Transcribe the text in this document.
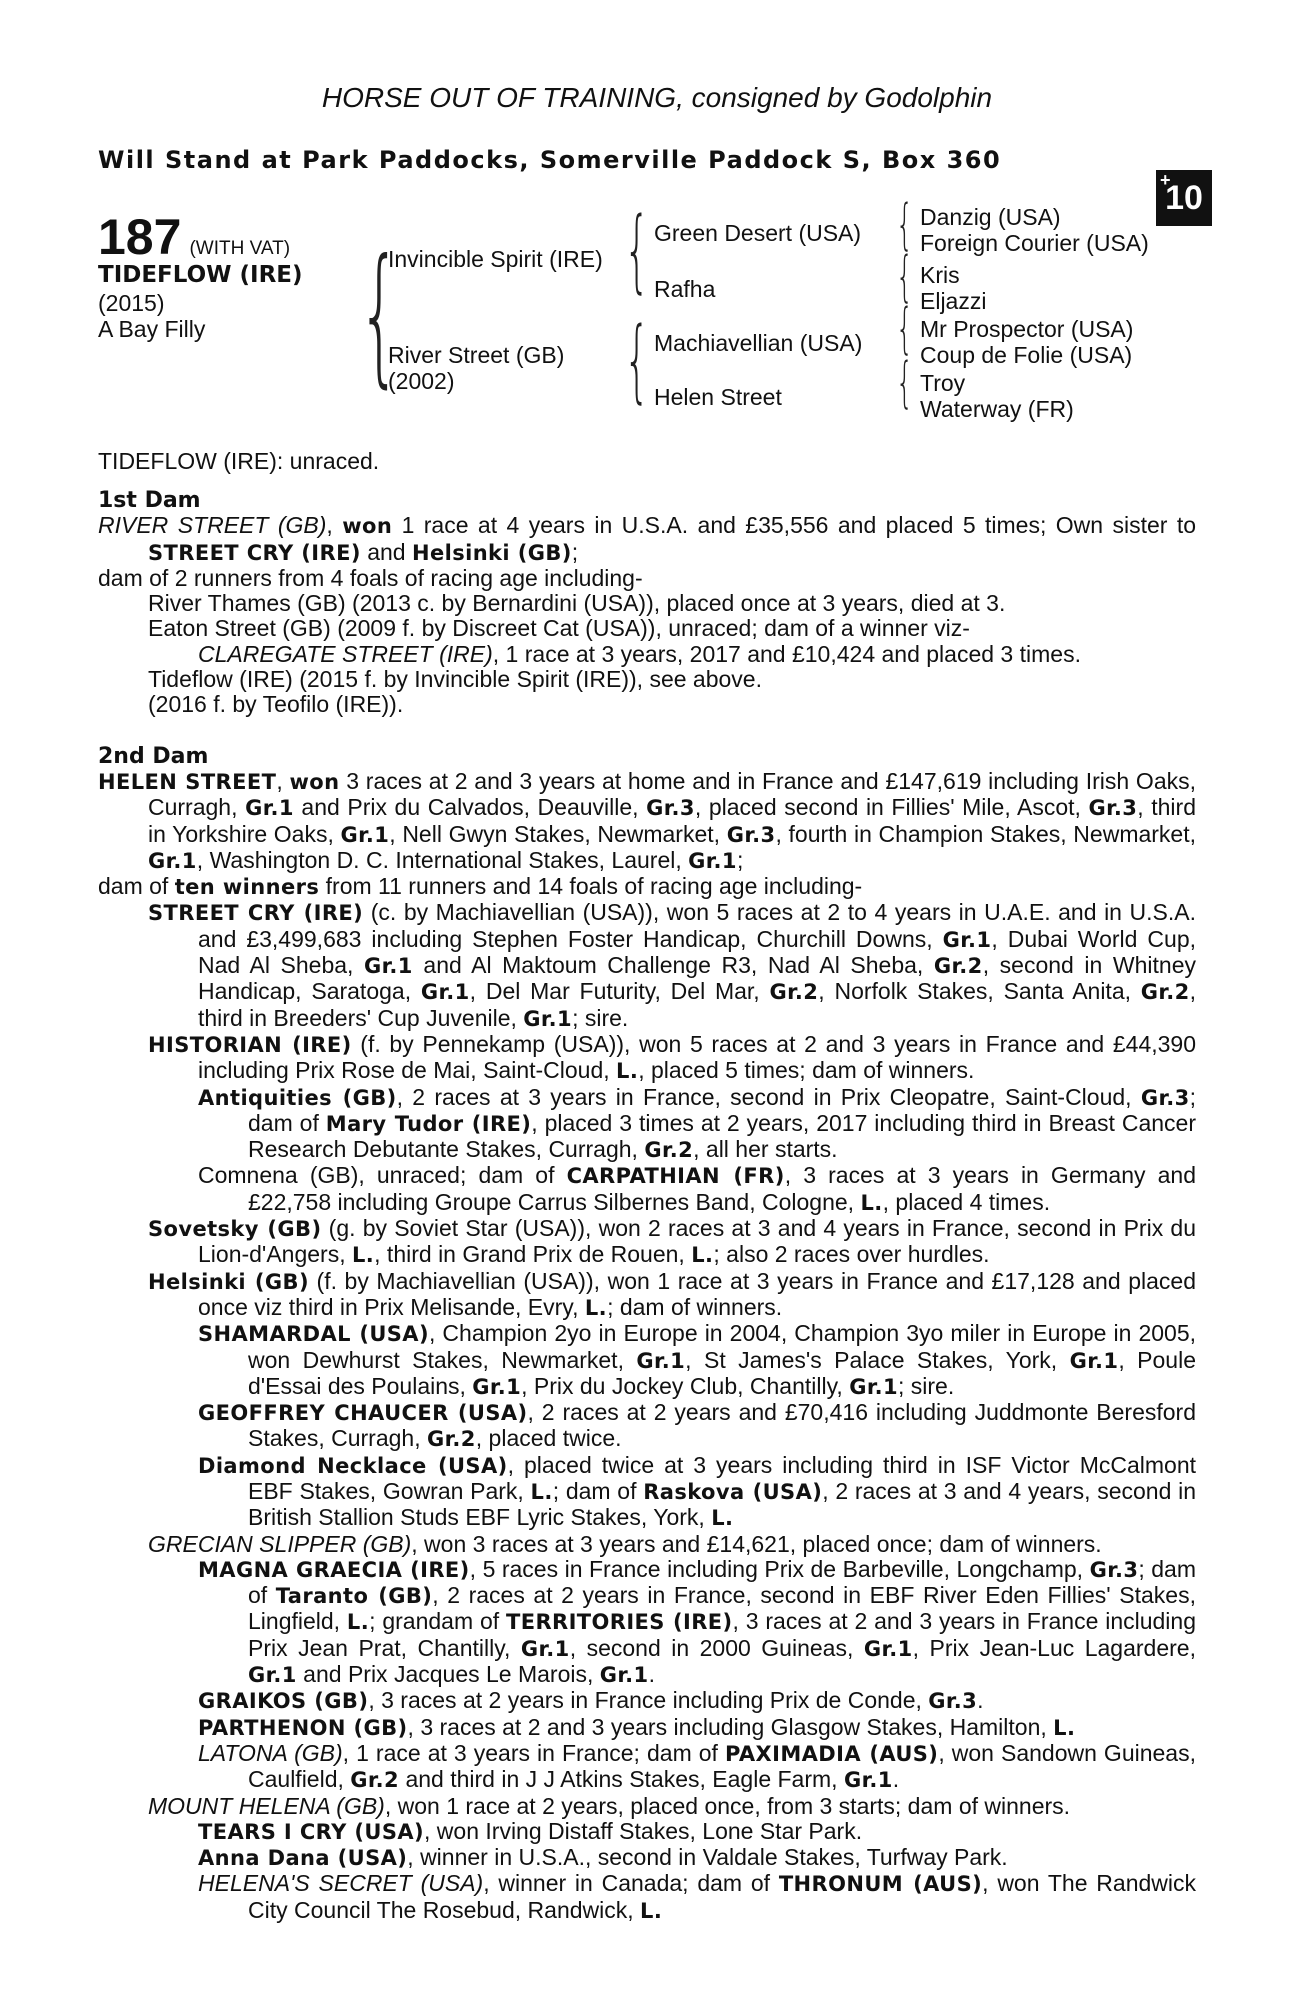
HORSE OUT OF TRAINING, consigned by Godolphin
Will Stand at Park Paddocks, Somerville Paddock S, Box 360
+
10
187 (WITH VAT)
TIDEFLOW (IRE)
(2015)
A Bay Filly {
Invincible Spirit (IRE)
River Street (GB)
(2002)
{
{
Green Desert (USA)
Rafha
Machiavellian (USA)
Helen Street
{
{
{
{
Danzig (USA)
Foreign Courier (USA)
Kris
Eljazzi
Mr Prospector (USA)
Coup de Folie (USA)
Troy
Waterway (FR)
TIDEFLOW (IRE): unraced.

1st Dam

RIVER STREET (GB), won 1 race at 4 years in U.S.A. and £35,556 and placed 5 times; Own sister to STREET CRY (IRE) and Helsinki (GB);

dam of 2 runners from 4 foals of racing age including-

River Thames (GB) (2013 c. by Bernardini (USA)), placed once at 3 years, died at 3.

Eaton Street (GB) (2009 f. by Discreet Cat (USA)), unraced; dam of a winner viz-

CLAREGATE STREET (IRE), 1 race at 3 years, 2017 and £10,424 and placed 3 times.

Tideflow (IRE) (2015 f. by Invincible Spirit (IRE)), see above.

(2016 f. by Teofilo (IRE)).

2nd Dam

HELEN STREET, won 3 races at 2 and 3 years at home and in France and £147,619 including Irish Oaks, Curragh, Gr.1 and Prix du Calvados, Deauville, Gr.3, placed second in Fillies' Mile, Ascot, Gr.3, third in Yorkshire Oaks, Gr.1, Nell Gwyn Stakes, Newmarket, Gr.3, fourth in Champion Stakes, Newmarket, Gr.1, Washington D. C. International Stakes, Laurel, Gr.1;

dam of ten winners from 11 runners and 14 foals of racing age including-

STREET CRY (IRE) (c. by Machiavellian (USA)), won 5 races at 2 to 4 years in U.A.E. and in U.S.A. and £3,499,683 including Stephen Foster Handicap, Churchill Downs, Gr.1, Dubai World Cup, Nad Al Sheba, Gr.1 and Al Maktoum Challenge R3, Nad Al Sheba, Gr.2, second in Whitney Handicap, Saratoga, Gr.1, Del Mar Futurity, Del Mar, Gr.2, Norfolk Stakes, Santa Anita, Gr.2, third in Breeders' Cup Juvenile, Gr.1; sire.

HISTORIAN (IRE) (f. by Pennekamp (USA)), won 5 races at 2 and 3 years in France and £44,390 including Prix Rose de Mai, Saint-Cloud, L., placed 5 times; dam of winners.

Antiquities (GB), 2 races at 3 years in France, second in Prix Cleopatre, Saint-Cloud, Gr.3; dam of Mary Tudor (IRE), placed 3 times at 2 years, 2017 including third in Breast Cancer Research Debutante Stakes, Curragh, Gr.2, all her starts.

Comnena (GB), unraced; dam of CARPATHIAN (FR), 3 races at 3 years in Germany and £22,758 including Groupe Carrus Silbernes Band, Cologne, L., placed 4 times.

Sovetsky (GB) (g. by Soviet Star (USA)), won 2 races at 3 and 4 years in France, second in Prix du Lion-d'Angers, L., third in Grand Prix de Rouen, L.; also 2 races over hurdles.

Helsinki (GB) (f. by Machiavellian (USA)), won 1 race at 3 years in France and £17,128 and placed once viz third in Prix Melisande, Evry, L.; dam of winners.

SHAMARDAL (USA), Champion 2yo in Europe in 2004, Champion 3yo miler in Europe in 2005, won Dewhurst Stakes, Newmarket, Gr.1, St James's Palace Stakes, York, Gr.1, Poule d'Essai des Poulains, Gr.1, Prix du Jockey Club, Chantilly, Gr.1; sire.

GEOFFREY CHAUCER (USA), 2 races at 2 years and £70,416 including Juddmonte Beresford Stakes, Curragh, Gr.2, placed twice.

Diamond Necklace (USA), placed twice at 3 years including third in ISF Victor McCalmont EBF Stakes, Gowran Park, L.; dam of Raskova (USA), 2 races at 3 and 4 years, second in British Stallion Studs EBF Lyric Stakes, York, L.

GRECIAN SLIPPER (GB), won 3 races at 3 years and £14,621, placed once; dam of winners.

MAGNA GRAECIA (IRE), 5 races in France including Prix de Barbeville, Longchamp, Gr.3; dam of Taranto (GB), 2 races at 2 years in France, second in EBF River Eden Fillies' Stakes, Lingfield, L.; grandam of TERRITORIES (IRE), 3 races at 2 and 3 years in France including Prix Jean Prat, Chantilly, Gr.1, second in 2000 Guineas, Gr.1, Prix Jean-Luc Lagardere, Gr.1 and Prix Jacques Le Marois, Gr.1.

GRAIKOS (GB), 3 races at 2 years in France including Prix de Conde, Gr.3.

PARTHENON (GB), 3 races at 2 and 3 years including Glasgow Stakes, Hamilton, L.

LATONA (GB), 1 race at 3 years in France; dam of PAXIMADIA (AUS), won Sandown Guineas, Caulfield, Gr.2 and third in J J Atkins Stakes, Eagle Farm, Gr.1.

MOUNT HELENA (GB), won 1 race at 2 years, placed once, from 3 starts; dam of winners.

TEARS I CRY (USA), won Irving Distaff Stakes, Lone Star Park.

Anna Dana (USA), winner in U.S.A., second in Valdale Stakes, Turfway Park.

HELENA'S SECRET (USA), winner in Canada; dam of THRONUM (AUS), won The Randwick City Council The Rosebud, Randwick, L.
